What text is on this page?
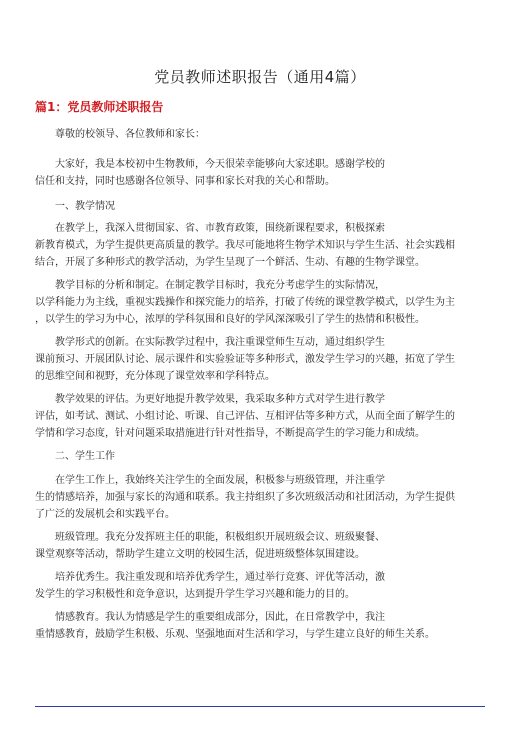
党员教师述职报告（通用4篇）
篇1：党员教师述职报告

尊敬的校领导、各位教师和家长：

大家好，我是本校初中生物教师，今天很荣幸能够向大家述职。感谢学校的
信任和支持，同时也感谢各位领导、同事和家长对我的关心和帮助。

一、教学情况

在教学上，我深入贯彻国家、省、市教育政策，围绕新课程要求，积极探索
新教育模式，为学生提供更高质量的教学。我尽可能地将生物学术知识与学生生活、社会实践相
结合，开展了多种形式的教学活动，为学生呈现了一个鲜活、生动、有趣的生物学课堂。

教学目标的分析和制定。在制定教学目标时，我充分考虑学生的实际情况，
以学科能力为主线，重视实践操作和探究能力的培养，打破了传统的课堂教学模式，以学生为主
，以学生的学习为中心，浓厚的学科氛围和良好的学风深深吸引了学生的热情和积极性。

教学形式的创新。在实际教学过程中，我注重课堂师生互动，通过组织学生
课前预习、开展团队讨论、展示课件和实验验证等多种形式，激发学生学习的兴趣，拓宽了学生
的思维空间和视野，充分体现了课堂效率和学科特点。

教学效果的评估。为更好地提升教学效果，我采取多种方式对学生进行教学
评估，如考试、测试、小组讨论、听课、自己评估、互相评估等多种方式，从而全面了解学生的
学情和学习态度，针对问题采取措施进行针对性指导，不断提高学生的学习能力和成绩。

二、学生工作

在学生工作上，我始终关注学生的全面发展，积极参与班级管理，并注重学
生的情感培养，加强与家长的沟通和联系。我主持组织了多次班级活动和社团活动，为学生提供
了广泛的发展机会和实践平台。

班级管理。我充分发挥班主任的职能，积极组织开展班级会议、班级聚餐、
课堂观察等活动，帮助学生建立文明的校园生活，促进班级整体氛围建设。

培养优秀生。我注重发现和培养优秀学生，通过举行竞赛、评优等活动，激
发学生的学习积极性和竞争意识，达到提升学生学习兴趣和能力的目的。

情感教育。我认为情感是学生的重要组成部分，因此，在日常教学中，我注
重情感教育，鼓励学生积极、乐观、坚强地面对生活和学习，与学生建立良好的师生关系。
